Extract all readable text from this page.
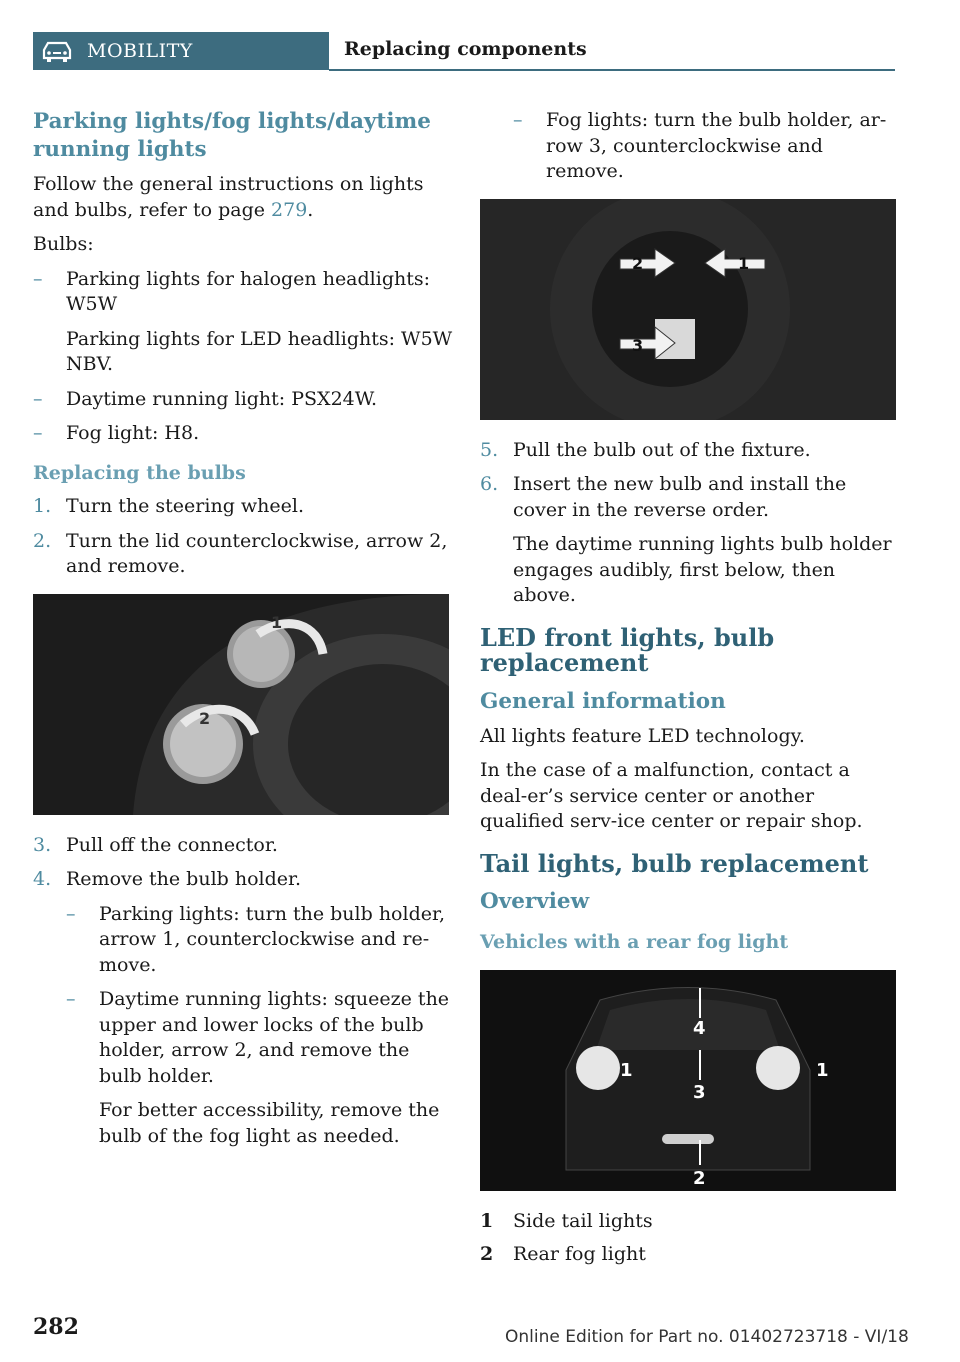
MOBILITY	Replacing components
Parking lights/fog lights/daytime running lights

Follow the general instructions on lights and bulbs, refer to page 279.

Bulbs:

–	Parking lights for halogen headlights: W5W

Parking lights for LED headlights: W5W NBV.
–	Daytime running light: PSX24W.
–	Fog light: H8.
Replacing the bulbs
1. Turn the steering wheel.
2. Turn the lid counterclockwise, arrow 2, and remove.
1
2
3. Pull off the connector.
4. Remove the bulb holder.
–	Parking lights: turn the bulb holder, arrow 1, counterclockwise and re-move.
–	Daytime running lights: squeeze the upper and lower locks of the bulb holder, arrow 2, and remove the bulb holder.
For better accessibility, remove the bulb of the fog light as needed.
–	Fog lights: turn the bulb holder, ar-row 3, counterclockwise and remove.
2	1
3
5. Pull the bulb out of the fixture.
6. Insert the new bulb and install the cover in the reverse order.
The daytime running lights bulb holder engages audibly, first below, then above.
LED front lights, bulb replacement
General information

All lights feature LED technology.

In the case of a malfunction, contact a deal-er’s service center or another qualified serv-ice center or repair shop.

Tail lights, bulb replacement
Overview
Vehicles with a rear fog light
4
1	1
3
2
1	Side tail lights
2	Rear fog light
282	Online Edition for Part no. 01402723718 - VI/18
